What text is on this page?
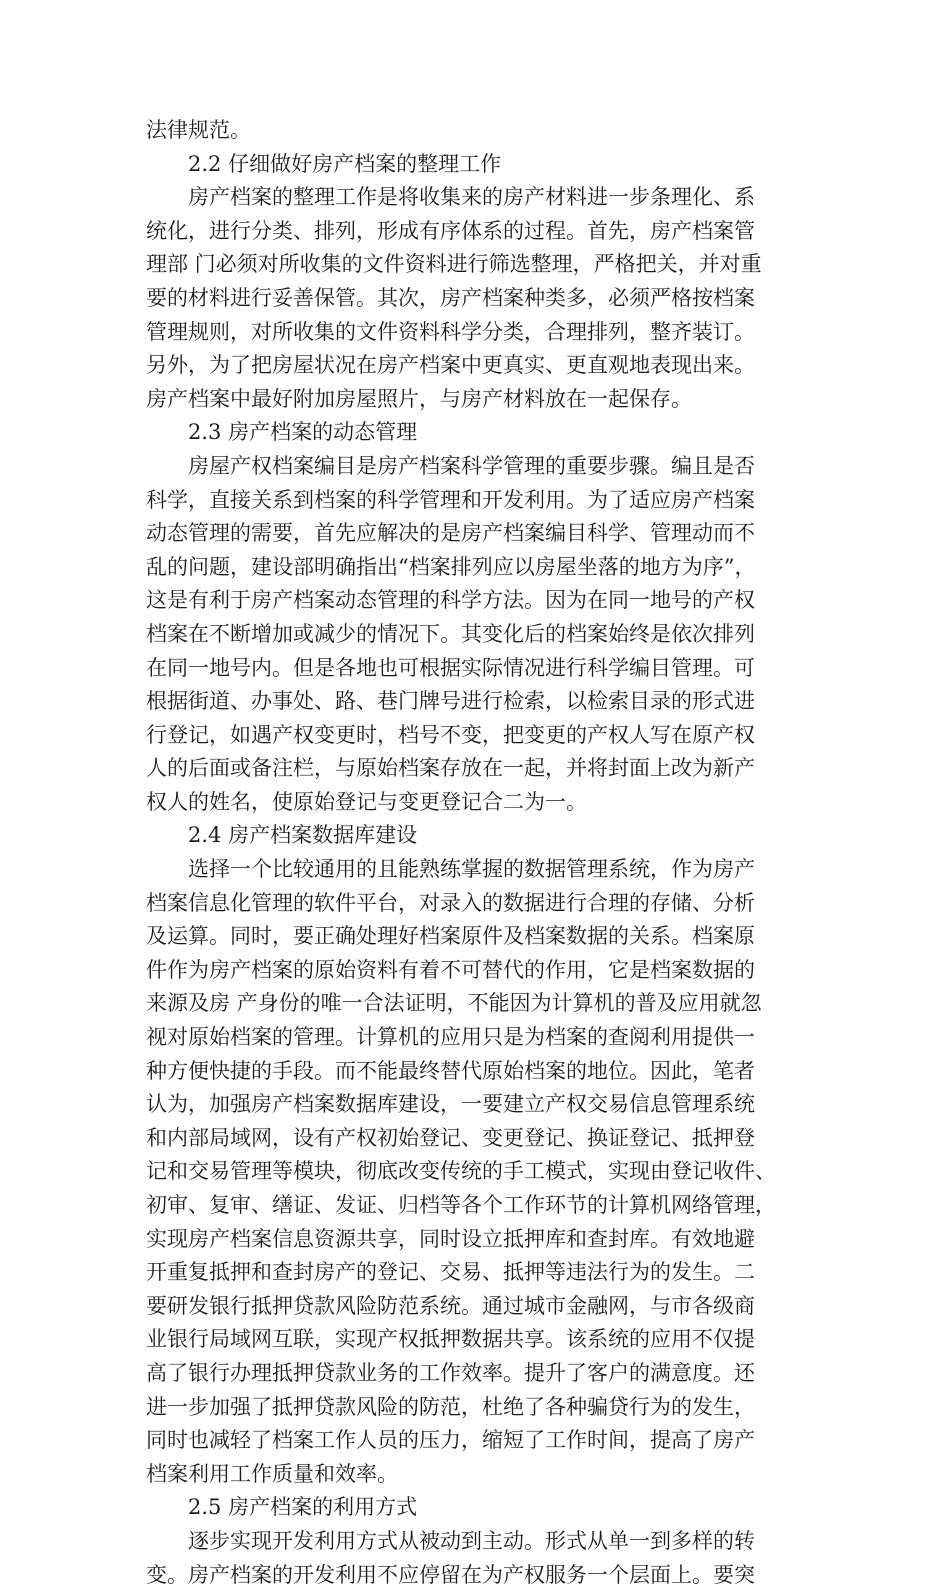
法律规范。
2.2 仔细做好房产档案的整理工作
房产档案的整理工作是将收集来的房产材料进一步条理化、系
统化，进行分类、排列，形成有序体系的过程。首先，房产档案管
理部 门必须对所收集的文件资料进行筛选整理，严格把关，并对重
要的材料进行妥善保管。其次，房产档案种类多，必须严格按档案
管理规则，对所收集的文件资料科学分类，合理排列，整齐装订。
另外，为了把房屋状况在房产档案中更真实、更直观地表现出来。
房产档案中最好附加房屋照片，与房产材料放在一起保存。
2.3 房产档案的动态管理
房屋产权档案编目是房产档案科学管理的重要步骤。编且是否
科学，直接关系到档案的科学管理和开发利用。为了适应房产档案
动态管理的需要，首先应解决的是房产档案编目科学、管理动而不
乱的问题，建设部明确指出“档案排列应以房屋坐落的地方为序”，
这是有利于房产档案动态管理的科学方法。因为在同一地号的产权
档案在不断增加或减少的情况下。其变化后的档案始终是依次排列
在同一地号内。但是各地也可根据实际情况进行科学编目管理。可
根据街道、办事处、路、巷门牌号进行检索，以检索目录的形式进
行登记，如遇产权变更时，档号不变，把变更的产权人写在原产权
人的后面或备注栏，与原始档案存放在一起，并将封面上改为新产
权人的姓名，使原始登记与变更登记合二为一。
2.4 房产档案数据库建设
选择一个比较通用的且能熟练掌握的数据管理系统，作为房产
档案信息化管理的软件平台，对录入的数据进行合理的存储、分析
及运算。同时，要正确处理好档案原件及档案数据的关系。档案原
件作为房产档案的原始资料有着不可替代的作用，它是档案数据的
来源及房 产身份的唯一合法证明，不能因为计算机的普及应用就忽
视对原始档案的管理。计算机的应用只是为档案的查阅利用提供一
种方便快捷的手段。而不能最终替代原始档案的地位。因此，笔者
认为，加强房产档案数据库建设，一要建立产权交易信息管理系统
和内部局域网，设有产权初始登记、变更登记、换证登记、抵押登
记和交易管理等模块，彻底改变传统的手工模式，实现由登记收件、
初审、复审、缮证、发证、归档等各个工作环节的计算机网络管理，
实现房产档案信息资源共享，同时设立抵押库和查封库。有效地避
开重复抵押和查封房产的登记、交易、抵押等违法行为的发生。二
要研发银行抵押贷款风险防范系统。通过城市金融网，与市各级商
业银行局域网互联，实现产权抵押数据共享。该系统的应用不仅提
高了银行办理抵押贷款业务的工作效率。提升了客户的满意度。还
进一步加强了抵押贷款风险的防范，杜绝了各种骗贷行为的发生，
同时也减轻了档案工作人员的压力，缩短了工作时间，提高了房产
档案利用工作质量和效率。
2.5 房产档案的利用方式
逐步实现开发利用方式从被动到主动。形式从单一到多样的转
变。房产档案的开发利用不应停留在为产权服务一个层面上。要突
